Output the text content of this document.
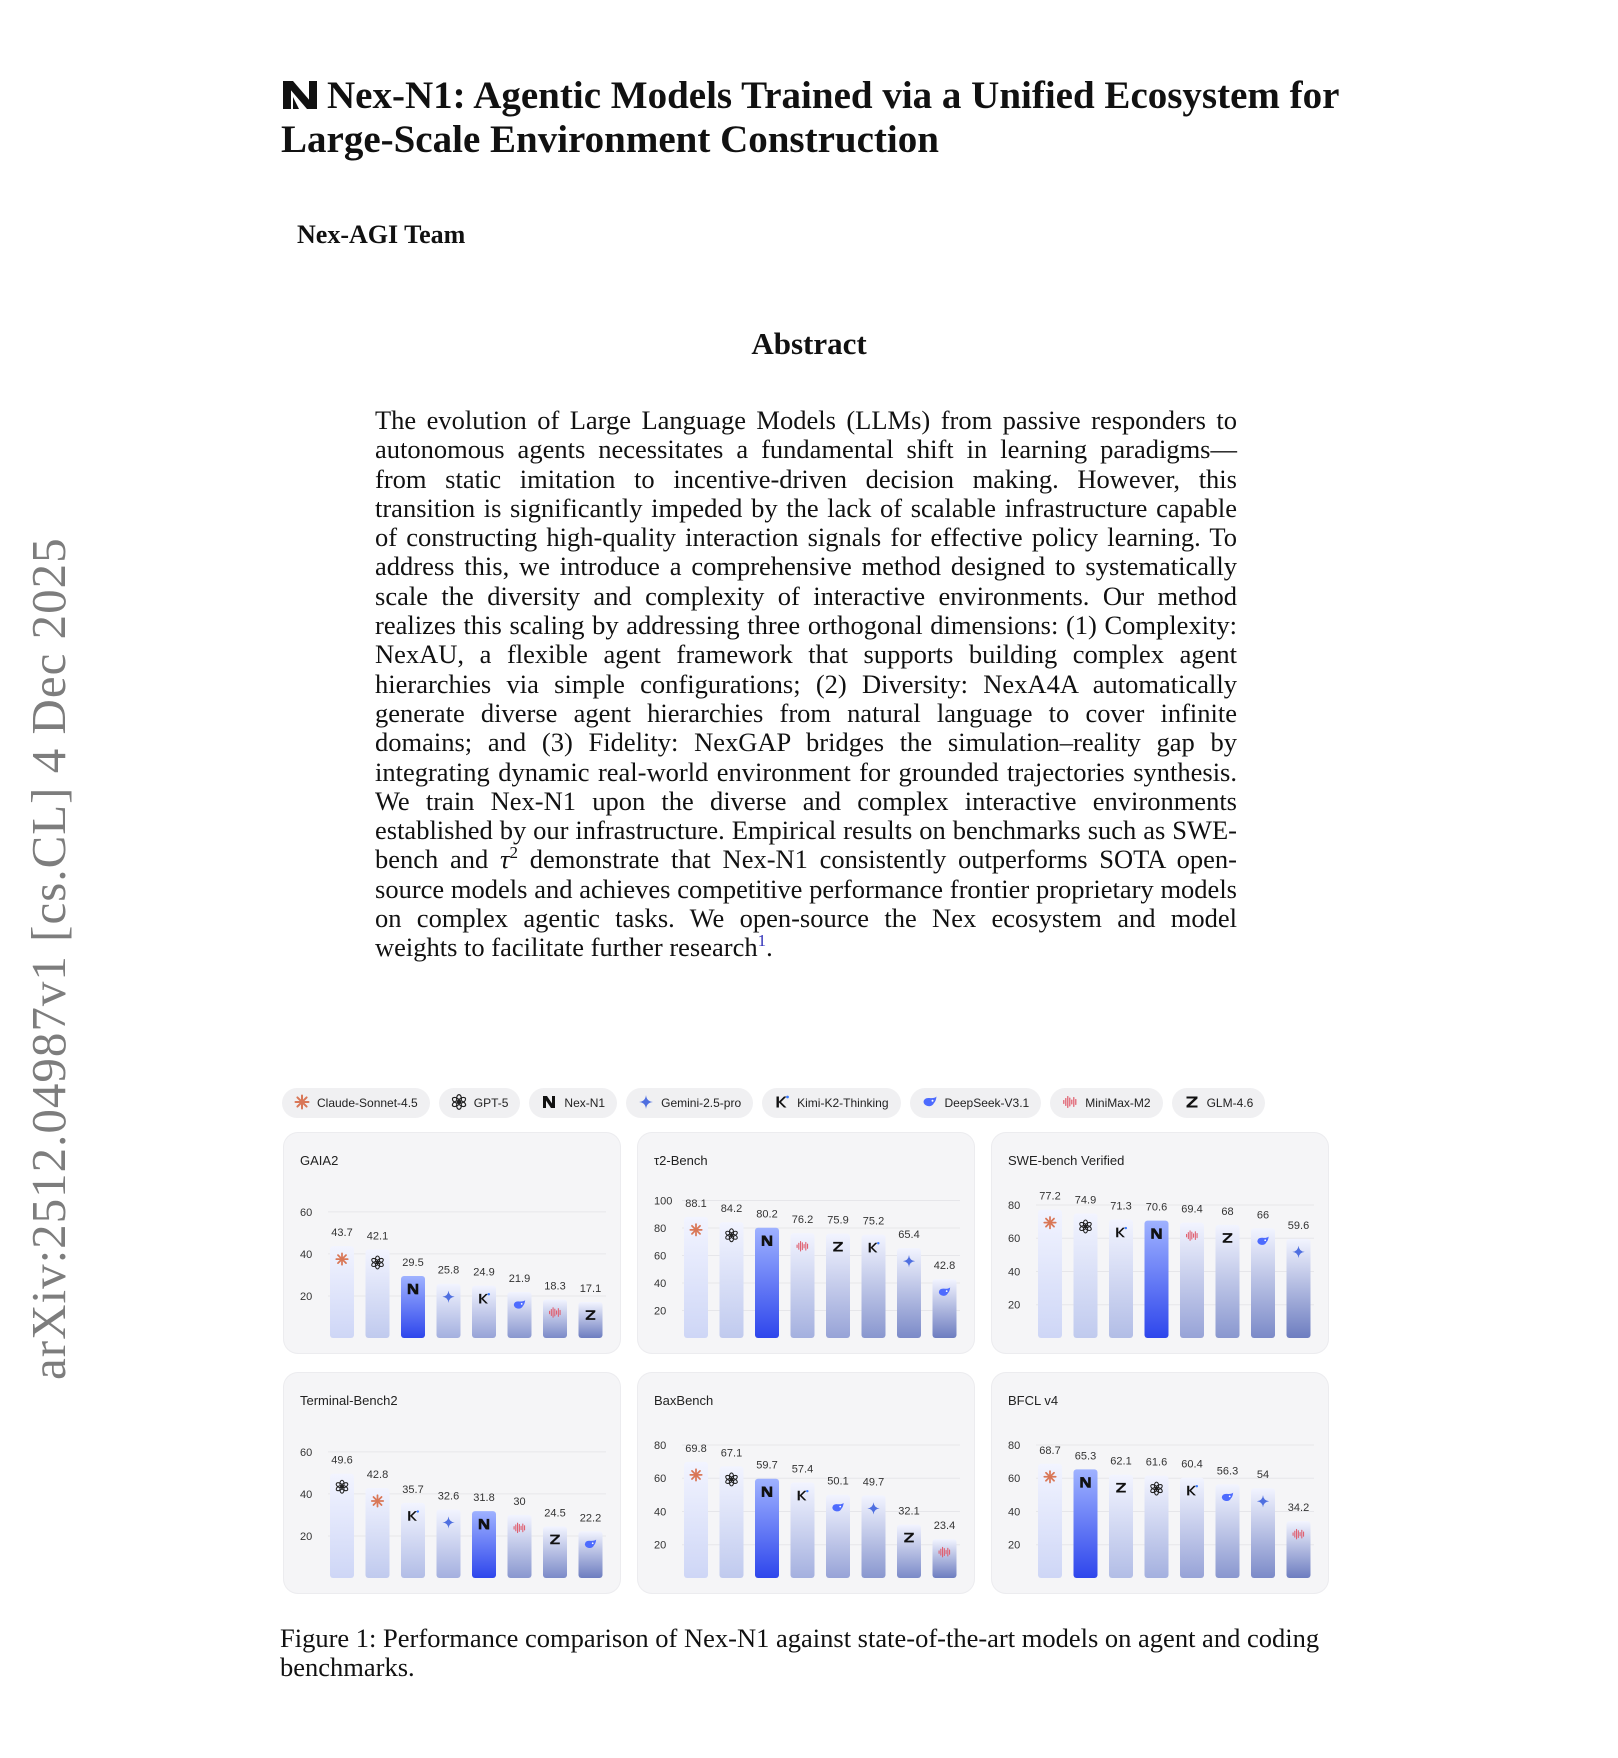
arXiv:2512.04987v1 [cs.CL] 4 Dec 2025
Nex-N1: Agentic Models Trained via a Unified Ecosystem for Large-Scale Environment Construction
Nex-AGI Team
Abstract

The evolution of Large Language Models (LLMs) from passive responders to autonomous agents necessitates a fundamental shift in learning paradigms—from static imitation to incentive-driven decision making. However, this transition is significantly impeded by the lack of scalable infrastructure capable of constructing high-quality interaction signals for effective policy learning. To address this, we introduce a comprehensive method designed to systematically scale the diversity and complexity of interactive environments. Our method realizes this scaling by addressing three orthogonal dimensions: (1) Complexity: NexAU, a flexible agent framework that supports building complex agent hierarchies via simple configurations; (2) Diversity: NexA4A automatically generate diverse agent hierarchies from natural language to cover infinite domains; and (3) Fidelity: NexGAP bridges the simulation–reality gap by integrating dynamic real-world environment for grounded trajectories synthesis. We train Nex-N1 upon the diverse and complex interactive environments established by our infrastructure. Empirical results on benchmarks such as SWE-bench and $\tau^2$ demonstrate that Nex-N1 consistently outperforms SOTA open-source models and achieves competitive performance frontier proprietary models on complex agentic tasks. We open-source the Nex ecosystem and model weights to facilitate further research$^1$.

Claude-Sonnet-4.5	GPT-5	Nex-N1	Gemini-2.5-pro	Kimi-K2-Thinking	DeepSeek-V3.1	MiniMax-M2	GLM-4.6
GAIA2
20
40
60
43.7 42.1
29.5
25.8 24.9
21.9
18.3 17.1
τ2-Bench
20
40
60
80
100 88.1 84.2 80.2 76.2 75.9 75.2
65.4
42.8
SWE-bench Verified
20
40
60
80
77.2 74.9 71.3 70.6 69.4 68 66
59.6
Terminal-Bench2
20
40
60
49.6
42.8
35.7
32.6 31.8 30
24.5 22.2
BaxBench
20
40
60
80 69.8 67.1
59.7 57.4
50.1 49.7
32.1
23.4
BFCL v4
20
40
60
80 68.7 65.3 62.1 61.6 60.4
56.3 54
34.2

Figure 1: Performance comparison of Nex-N1 against state-of-the-art models on agent and coding benchmarks.
